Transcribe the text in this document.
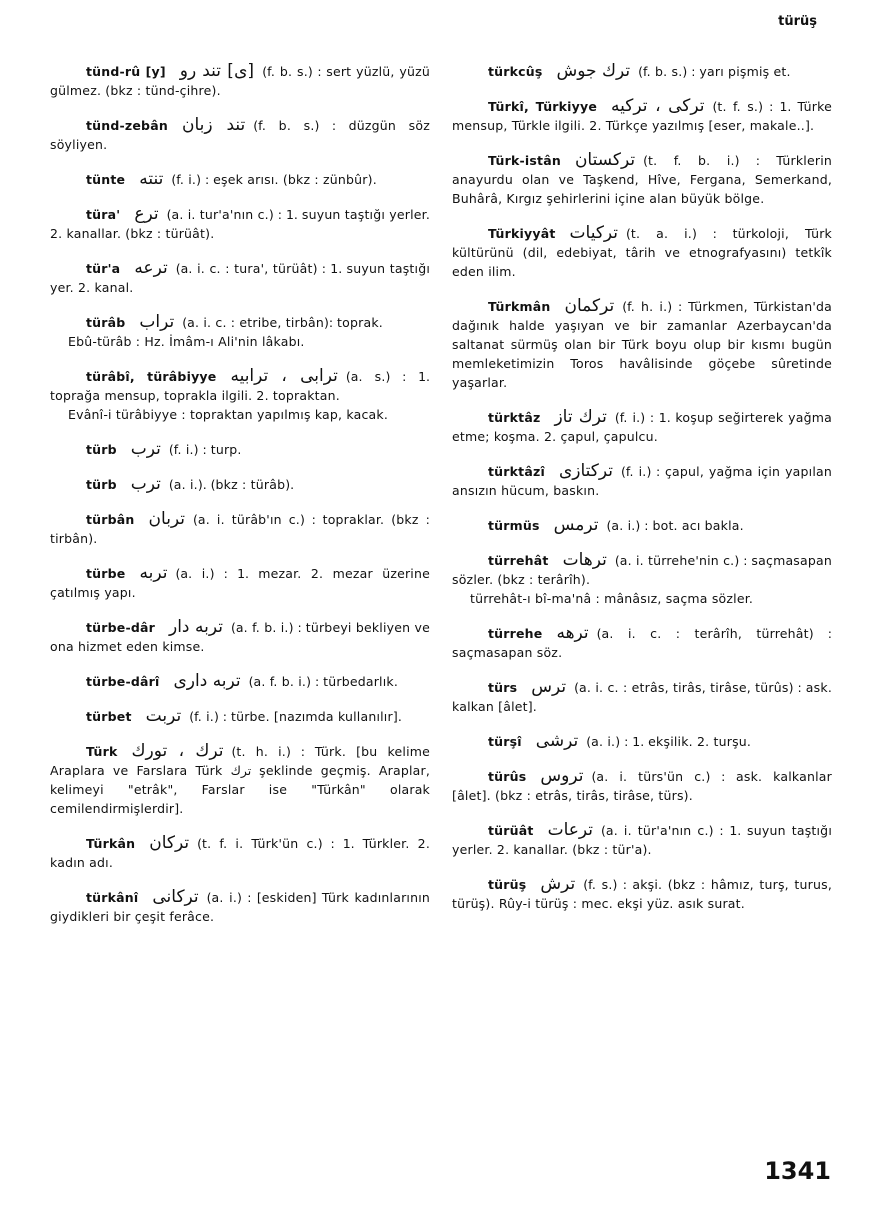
türüş
tünd-rû [y] [ى] تند رو (f. b. s.) : sert yüzlü, yüzü gülmez. (bkz : tünd-çihre).
tünd-zebân تند زبان (f. b. s.) : düzgün söz söyliyen.
tünte تنته (f. i.) : eşek arısı. (bkz : zünbûr).
türa' ترع (a. i. tur'a'nın c.) : 1. suyun taştığı yerler. 2. kanallar. (bkz : türüât).
tür'a ترعه (a. i. c. : tura', türüât) : 1. suyun taştığı yer. 2. kanal.
türâb تراب (a. i. c. : etribe, tirbân): toprak.
Ebû-türâb : Hz. İmâm-ı Ali'nin lâkabı.
türâbî, türâbiyye ترابى ، ترابيه (a. s.) : 1. toprağa mensup, toprakla ilgili. 2. topraktan.
Evânî-i türâbiyye : topraktan yapılmış kap, kacak.
türb ترب (f. i.) : turp.
türb ترب (a. i.). (bkz : türâb).
türbân تربان (a. i. türâb'ın c.) : topraklar. (bkz : tirbân).
türbe تربه (a. i.) : 1. mezar. 2. mezar üzerine çatılmış yapı.
türbe-dâr تربه دار (a. f. b. i.) : türbeyi bekliyen ve ona hizmet eden kimse.
türbe-dârî تربه دارى (a. f. b. i.) : türbedarlık.
türbet تربت (f. i.) : türbe. [nazımda kullanılır].
Türk ترك ، تورك (t. h. i.) : Türk. [bu kelime Araplara ve Farslara Türk ترك şeklinde geçmiş. Araplar, kelimeyi "etrâk", Farslar ise "Türkân" olarak cemilendirmişlerdir].
Türkân تركان (t. f. i. Türk'ün c.) : 1. Türkler. 2. kadın adı.
türkânî تركانى (a. i.) : [eskiden] Türk kadınlarının giydikleri bir çeşit ferâce.
türkcûş ترك جوش (f. b. s.) : yarı pişmiş et.
Türkî, Türkiyye تركى ، تركيه (t. f. s.) : 1. Türke mensup, Türkle ilgili. 2. Türkçe yazılmış [eser, makale..].
Türk-istân تركستان (t. f. b. i.) : Türklerin anayurdu olan ve Taşkend, Hîve, Fergana, Semerkand, Buhârâ, Kırgız şehirlerini içine alan büyük bölge.
Türkiyyât تركيات (t. a. i.) : türkoloji, Türk kültürünü (dil, edebiyat, târih ve etnografyasını) tetkîk eden ilim.
Türkmân تركمان (f. h. i.) : Türkmen, Türkistan'da dağınık halde yaşıyan ve bir zamanlar Azerbaycan'da saltanat sürmüş olan bir Türk boyu olup bir kısmı bugün memleketimizin Toros havâlisinde göçebe sûretinde yaşarlar.
türktâz ترك تاز (f. i.) : 1. koşup seğirterek yağma etme; koşma. 2. çapul, çapulcu.
türktâzî تركتازى (f. i.) : çapul, yağma için yapılan ansızın hücum, baskın.
türmüs ترمس (a. i.) : bot. acı bakla.
türrehât ترهات (a. i. türrehe'nin c.) : saçmasapan sözler. (bkz : terârîh).
türrehât-ı bî-ma'nâ : mânâsız, saçma sözler.
türrehe ترهه (a. i. c. : terârîh, türrehât) : saçmasapan söz.
türs ترس (a. i. c. : etrâs, tirâs, tirâse, türûs) : ask. kalkan [âlet].
türşî ترشى (a. i.) : 1. ekşilik. 2. turşu.
türûs تروس (a. i. türs'ün c.) : ask. kalkanlar [âlet]. (bkz : etrâs, tirâs, tirâse, türs).
türüât ترعات (a. i. tür'a'nın c.) : 1. suyun taştığı yerler. 2. kanallar. (bkz : tür'a).
türüş ترش (f. s.) : akşi. (bkz : hâmız, turş, turus, türüş). Rûy-i türüş : mec. ekşi yüz. asık surat.
1341
